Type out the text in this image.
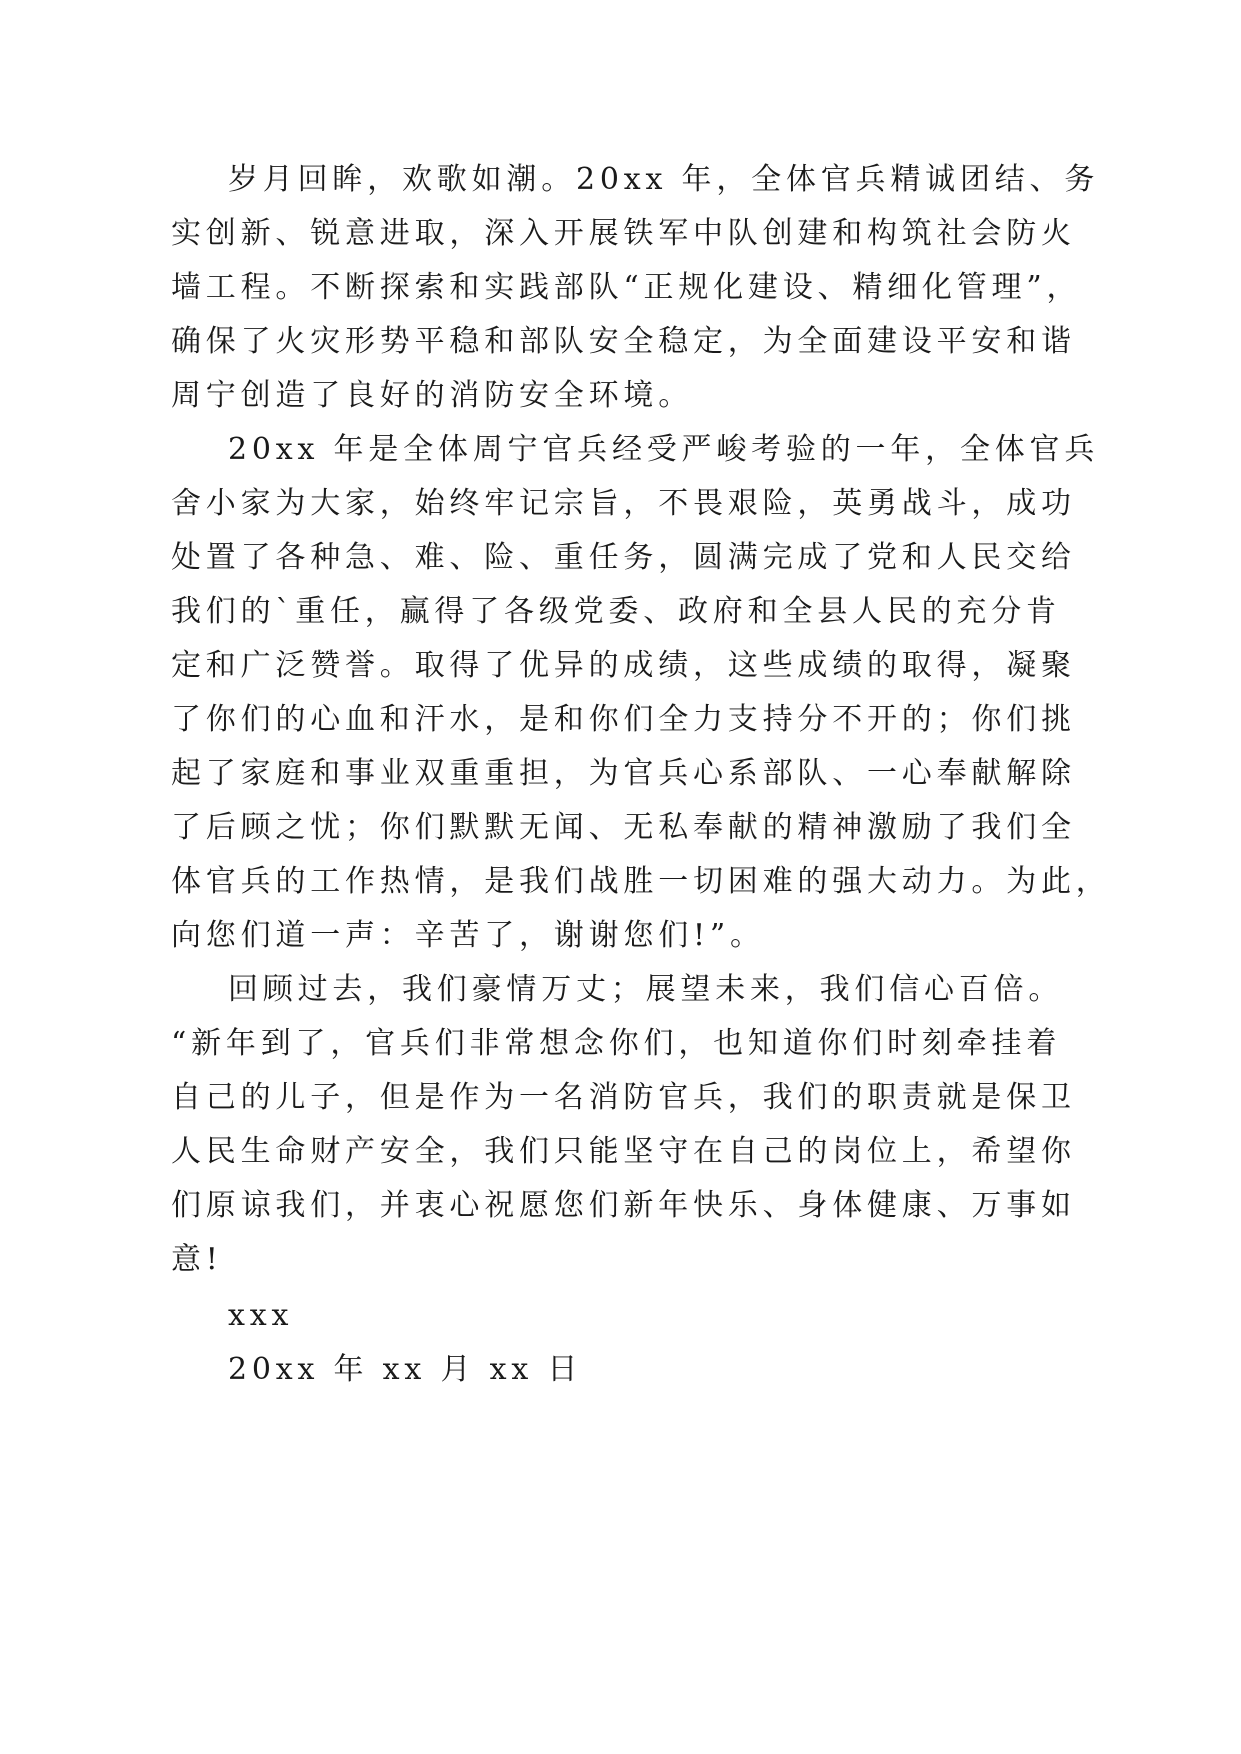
岁月回眸，欢歌如潮。20xx 年，全体官兵精诚团结、务
实创新、锐意进取，深入开展铁军中队创建和构筑社会防火
墙工程。不断探索和实践部队“正规化建设、精细化管理”，
确保了火灾形势平稳和部队安全稳定，为全面建设平安和谐
周宁创造了良好的消防安全环境。
20xx 年是全体周宁官兵经受严峻考验的一年，全体官兵
舍小家为大家，始终牢记宗旨，不畏艰险，英勇战斗，成功
处置了各种急、难、险、重任务，圆满完成了党和人民交给
我们的`重任，赢得了各级党委、政府和全县人民的充分肯
定和广泛赞誉。取得了优异的成绩，这些成绩的取得，凝聚
了你们的心血和汗水，是和你们全力支持分不开的；你们挑
起了家庭和事业双重重担，为官兵心系部队、一心奉献解除
了后顾之忧；你们默默无闻、无私奉献的精神激励了我们全
体官兵的工作热情，是我们战胜一切困难的强大动力。为此，
向您们道一声：辛苦了，谢谢您们!”。
回顾过去，我们豪情万丈；展望未来，我们信心百倍。
“新年到了，官兵们非常想念你们，也知道你们时刻牵挂着
自己的儿子，但是作为一名消防官兵，我们的职责就是保卫
人民生命财产安全，我们只能坚守在自己的岗位上，希望你
们原谅我们，并衷心祝愿您们新年快乐、身体健康、万事如
意!
xxx
20xx 年 xx 月 xx 日
